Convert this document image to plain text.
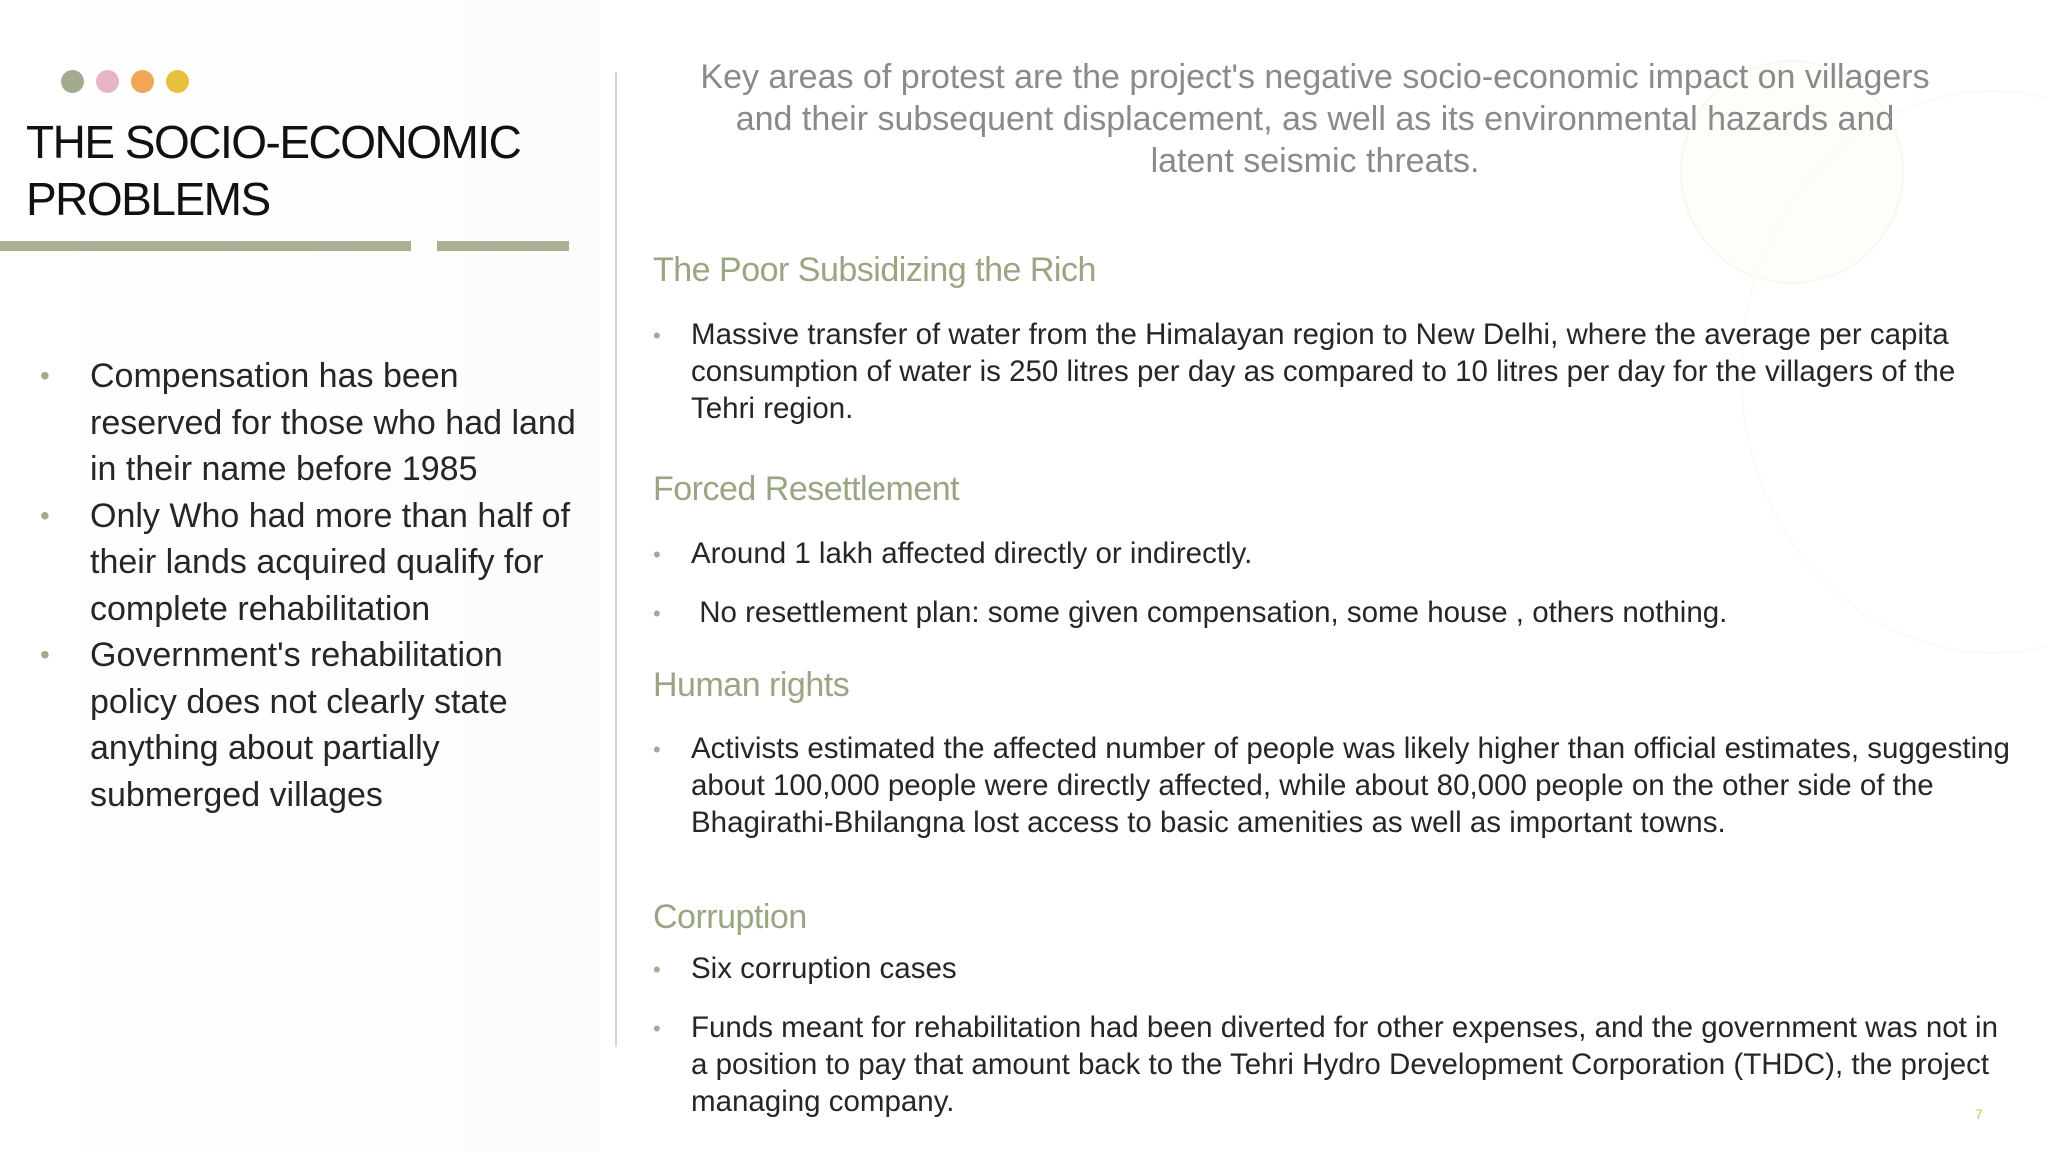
THE SOCIO-ECONOMIC PROBLEMS
• Compensation has been reserved for those who had land in their name before 1985
• Only Who had more than half of their lands acquired qualify for complete rehabilitation
• Government's rehabilitation policy does not clearly state anything about partially submerged villages

Key areas of protest are the project's negative socio-economic impact on villagers and their subsequent displacement, as well as its environmental hazards and latent seismic threats.

The Poor Subsidizing the Rich
• Massive transfer of water from the Himalayan region to New Delhi, where the average per capita consumption of water is 250 litres per day as compared to 10 litres per day for the villagers of the Tehri region.
Forced Resettlement
• Around 1 lakh affected directly or indirectly.
• No resettlement plan: some given compensation, some house , others nothing.
Human rights
• Activists estimated the affected number of people was likely higher than official estimates, suggesting about 100,000 people were directly affected, while about 80,000 people on the other side of the Bhagirathi-Bhilangna lost access to basic amenities as well as important towns.
Corruption
• Six corruption cases
• Funds meant for rehabilitation had been diverted for other expenses, and the government was not in a position to pay that amount back to the Tehri Hydro Development Corporation (THDC), the project managing company.	7
